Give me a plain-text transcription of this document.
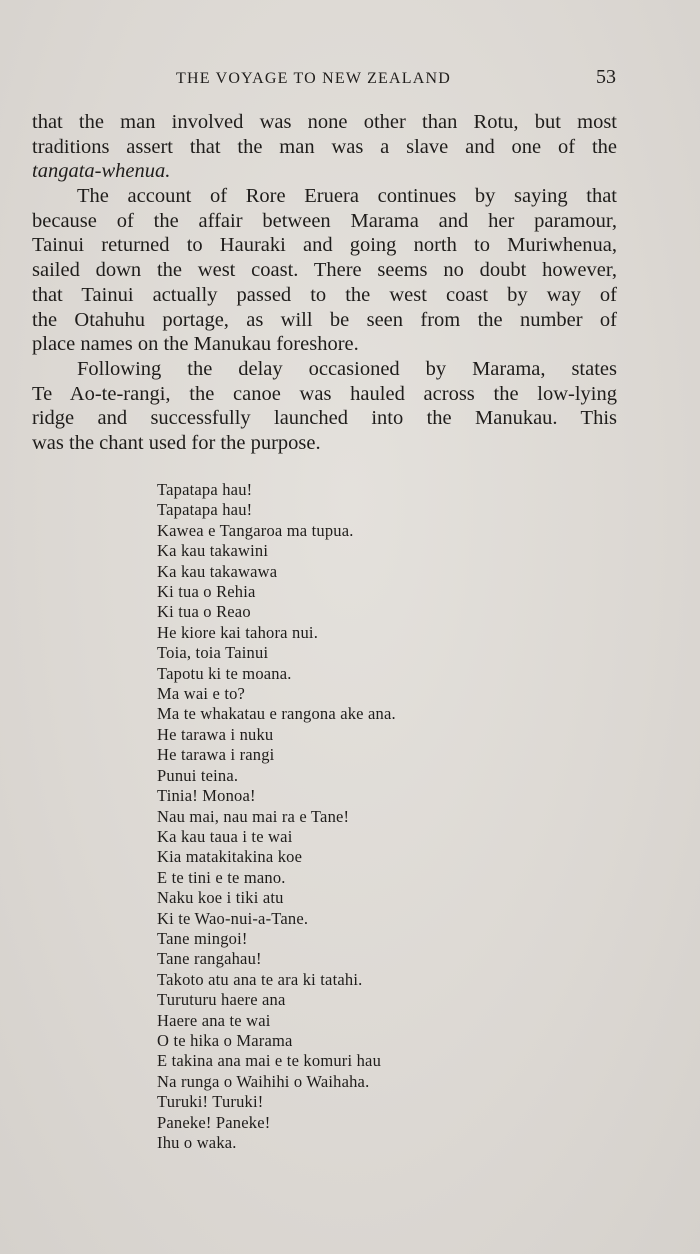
THE VOYAGE TO NEW ZEALAND	53
that the man involved was none other than Rotu, but most
traditions assert that the man was a slave and one of the
tangata-whenua.
The account of Rore Eruera continues by saying that
because of the affair between Marama and her paramour,
Tainui returned to Hauraki and going north to Muriwhenua,
sailed down the west coast. There seems no doubt however,
that Tainui actually passed to the west coast by way of
the Otahuhu portage, as will be seen from the number of
place names on the Manukau foreshore.
Following the delay occasioned by Marama, states
Te Ao-te-rangi, the canoe was hauled across the low-lying
ridge and successfully launched into the Manukau. This
was the chant used for the purpose.
Tapatapa hau!
Tapatapa hau!
Kawea e Tangaroa ma tupua.
Ka kau takawini
Ka kau takawawa
Ki tua o Rehia
Ki tua o Reao
He kiore kai tahora nui.
Toia, toia Tainui
Tapotu ki te moana.
Ma wai e to?
Ma te whakatau e rangona ake ana.
He tarawa i nuku
He tarawa i rangi
Punui teina.
Tinia! Monoa!
Nau mai, nau mai ra e Tane!
Ka kau taua i te wai
Kia matakitakina koe
E te tini e te mano.
Naku koe i tiki atu
Ki te Wao-nui-a-Tane.
Tane mingoi!
Tane rangahau!
Takoto atu ana te ara ki tatahi.
Turuturu haere ana
Haere ana te wai
O te hika o Marama
E takina ana mai e te komuri hau
Na runga o Waihihi o Waihaha.
Turuki! Turuki!
Paneke! Paneke!
Ihu o waka.
